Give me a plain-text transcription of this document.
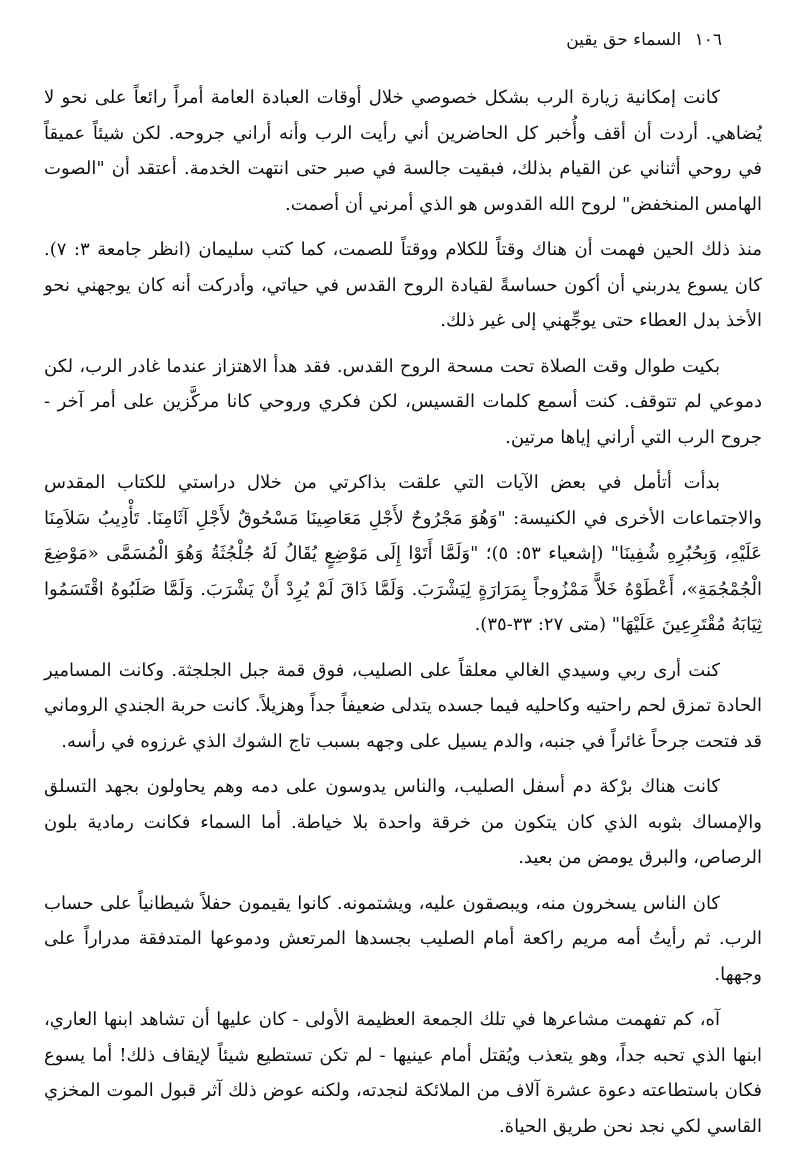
١٠٦ السماء حق يقين

كانت إمكانية زيارة الرب بشكل خصوصي خلال أوقات العبادة العامة أمراً رائعاً على نحو لا يُضاهي. أردت أن أقف وأُخبر كل الحاضرين أني رأيت الرب وأنه أراني جروحه. لكن شيئاً عميقاً في روحي أثناني عن القيام بذلك، فبقيت جالسة في صبر حتى انتهت الخدمة. أعتقد أن "الصوت الهامس المنخفض" لروح الله القدوس هو الذي أمرني أن أصمت.

منذ ذلك الحين فهمت أن هناك وقتاً للكلام ووقتاً للصمت، كما كتب سليمان (انظر جامعة ٣: ٧). كان يسوع يدربني أن أكون حساسةً لقيادة الروح القدس في حياتي، وأدركت أنه كان يوجهني نحو الأخذ بدل العطاء حتى يوجِّهني إلى غير ذلك.

بكيت طوال وقت الصلاة تحت مسحة الروح القدس. فقد هدأ الاهتزاز عندما غادر الرب، لكن دموعي لم تتوقف. كنت أسمع كلمات القسيس، لكن فكري وروحي كانا مركَّزين على أمر آخر - جروح الرب التي أراني إياها مرتين.

بدأت أتأمل في بعض الآيات التي علقت بذاكرتي من خلال دراستي للكتاب المقدس والاجتماعات الأخرى في الكنيسة: "وَهُوَ مَجْرُوحٌ لأَجْلِ مَعَاصِينَا مَسْحُوقٌ لأَجْلِ آثَامِنَا. تَأْدِيبُ سَلاَمِنَا عَلَيْهِ، وَبِحُبُرِهِ شُفِينَا" (إشعياء ٥٣: ٥)؛ "وَلَمَّا أَتَوْا إِلَى مَوْضِعٍ يُقَالُ لَهُ جُلْجُثَةُ وَهُوَ الْمُسَمَّى «مَوْضِعَ الْجُمْجُمَةِ»، أَعْطَوْهُ خَلاًّ مَمْزُوجاً بِمَرَارَةٍ لِيَشْرَبَ. وَلَمَّا ذَاقَ لَمْ يُرِدْ أَنْ يَشْرَبَ. وَلَمَّا صَلَبُوهُ اقْتَسَمُوا ثِيَابَهُ مُقْتَرِعِينَ عَلَيْهَا" (متى ٢٧: ٣٣-٣٥).

كنت أرى ربي وسيدي الغالي معلقاً على الصليب، فوق قمة جبل الجلجثة. وكانت المسامير الحادة تمزق لحم راحتيه وكاحليه فيما جسده يتدلى ضعيفاً جداً وهزيلاً. كانت حربة الجندي الروماني قد فتحت جرحاً غائراً في جنبه، والدم يسيل على وجهه بسبب تاج الشوك الذي غرزوه في رأسه.

كانت هناك برْكة دم أسفل الصليب، والناس يدوسون على دمه وهم يحاولون بجهد التسلق والإمساك بثوبه الذي كان يتكون من خرقة واحدة بلا خياطة. أما السماء فكانت رمادية بلون الرصاص، والبرق يومض من بعيد.

كان الناس يسخرون منه، ويبصقون عليه، ويشتمونه. كانوا يقيمون حفلاً شيطانياً على حساب الرب. ثم رأيتُ أمه مريم راكعة أمام الصليب بجسدها المرتعش ودموعها المتدفقة مدراراً على وجهها.

آه، كم تفهمت مشاعرها في تلك الجمعة العظيمة الأولى - كان عليها أن تشاهد ابنها العاري، ابنها الذي تحبه جداً، وهو يتعذب ويُقتل أمام عينيها - لم تكن تستطيع شيئاً لإيقاف ذلك! أما يسوع فكان باستطاعته دعوة عشرة آلاف من الملائكة لنجدته، ولكنه عوض ذلك آثر قبول الموت المخزي القاسي لكي نجد نحن طريق الحياة.
